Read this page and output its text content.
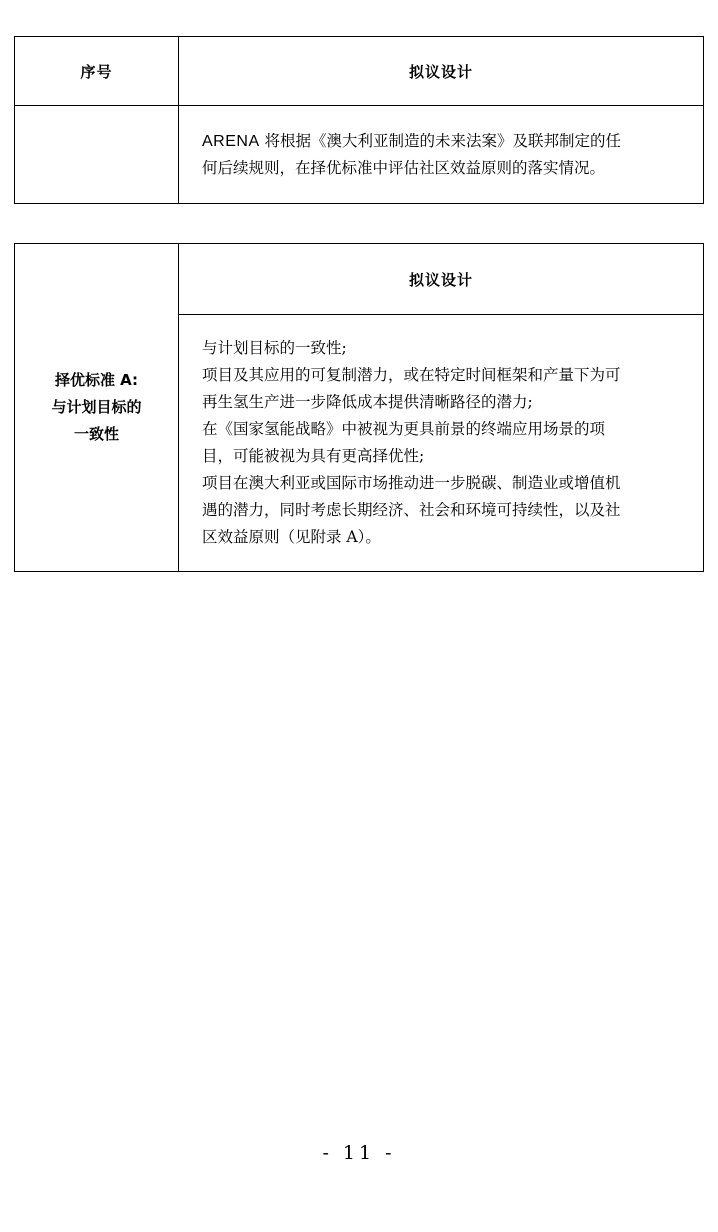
序号	拟议设计

	ARENA 将根据《澳大利亚制造的未来法案》及联邦制定的任
何后续规则，在择优标准中评估社区效益原则的落实情况。
择优标准 A:
与计划目标的
一致性
	拟议设计

与计划目标的一致性;
项目及其应用的可复制潜力，或在特定时间框架和产量下为可
再生氢生产进一步降低成本提供清晰路径的潜力;
在《国家氢能战略》中被视为更具前景的终端应用场景的项
目，可能被视为具有更高择优性;
项目在澳大利亚或国际市场推动进一步脱碳、制造业或增值机
遇的潜力，同时考虑长期经济、社会和环境可持续性，以及社
区效益原则（见附录 A）。
- 11 -
